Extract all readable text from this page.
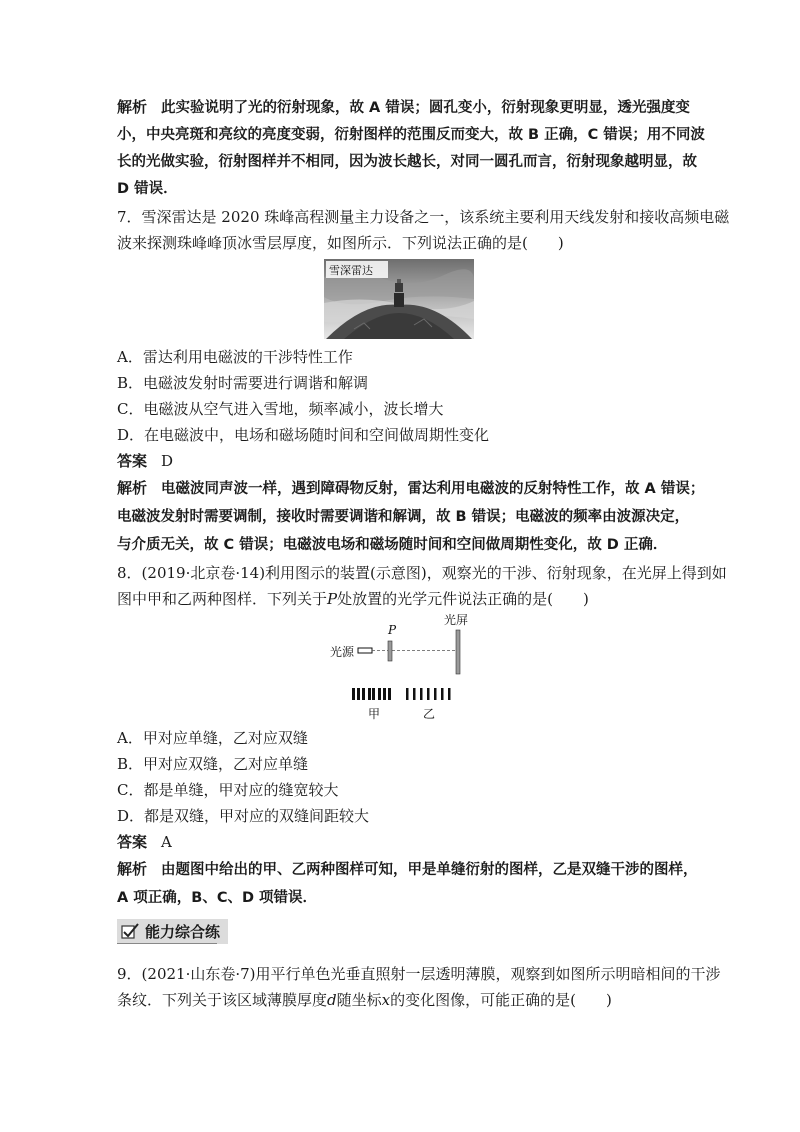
解析 此实验说明了光的衍射现象，故 A 错误；圆孔变小，衍射现象更明显，透光强度变
小，中央亮斑和亮纹的亮度变弱，衍射图样的范围反而变大，故 B 正确，C 错误；用不同波
长的光做实验，衍射图样并不相同，因为波长越长，对同一圆孔而言，衍射现象越明显，故
D 错误．
7．雪深雷达是 2020 珠峰高程测量主力设备之一，该系统主要利用天线发射和接收高频电磁
波来探测珠峰峰顶冰雪层厚度，如图所示．下列说法正确的是(　　)
雪深雷达
A．雷达利用电磁波的干涉特性工作
B．电磁波发射时需要进行调谐和解调
C．电磁波从空气进入雪地，频率减小，波长增大
D．在电磁波中，电场和磁场随时间和空间做周期性变化
答案 D
解析 电磁波同声波一样，遇到障碍物反射，雷达利用电磁波的反射特性工作，故 A 错误；
电磁波发射时需要调制，接收时需要调谐和解调，故 B 错误；电磁波的频率由波源决定，
与介质无关，故 C 错误；电磁波电场和磁场随时间和空间做周期性变化，故 D 正确．
8．(2019·北京卷·14)利用图示的装置(示意图)，观察光的干涉、衍射现象，在光屏上得到如
图中甲和乙两种图样．下列关于P处放置的光学元件说法正确的是(　　)
光源
P
光屏
甲	乙
A．甲对应单缝，乙对应双缝
B．甲对应双缝，乙对应单缝
C．都是单缝，甲对应的缝宽较大
D．都是双缝，甲对应的双缝间距较大
答案 A
解析 由题图中给出的甲、乙两种图样可知，甲是单缝衍射的图样，乙是双缝干涉的图样，
A 项正确，B、C、D 项错误．
能力综合练
9．(2021·山东卷·7)用平行单色光垂直照射一层透明薄膜，观察到如图所示明暗相间的干涉
条纹．下列关于该区域薄膜厚度d随坐标x的变化图像，可能正确的是(　　)
